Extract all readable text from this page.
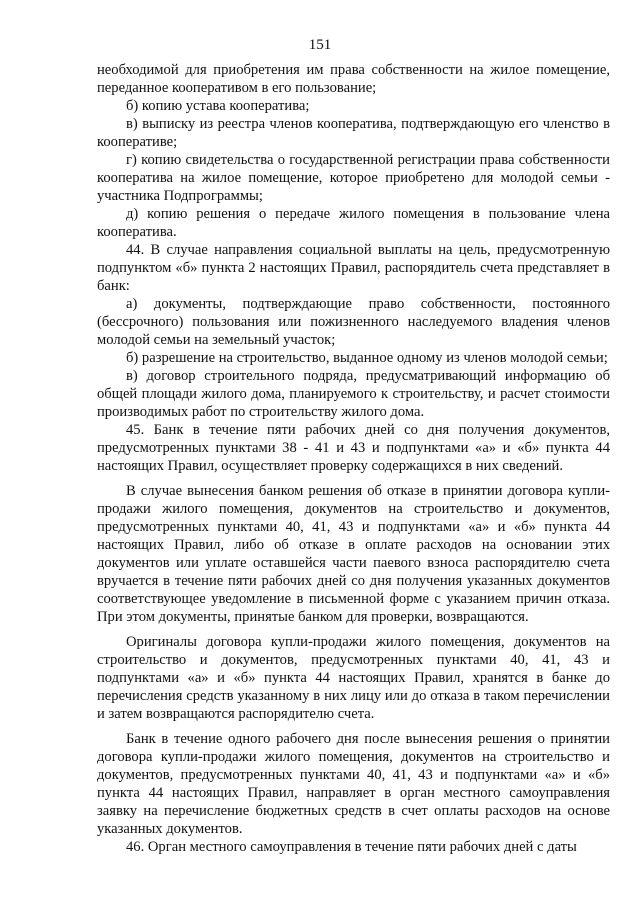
151

необходимой для приобретения им права собственности на жилое помещение, переданное кооперативом в его пользование;

б) копию устава кооператива;

в) выписку из реестра членов кооператива, подтверждающую его членство в кооперативе;

г) копию свидетельства о государственной регистрации права собственности кооператива на жилое помещение, которое приобретено для молодой семьи - участника Подпрограммы;

д) копию решения о передаче жилого помещения в пользование члена кооператива.

44. В случае направления социальной выплаты на цель, предусмотренную подпунктом «б» пункта 2 настоящих Правил, распорядитель счета представляет в банк:

а) документы, подтверждающие право собственности, постоянного (бессрочного) пользования или пожизненного наследуемого владения членов молодой семьи на земельный участок;

б) разрешение на строительство, выданное одному из членов молодой семьи;

в) договор строительного подряда, предусматривающий информацию об общей площади жилого дома, планируемого к строительству, и расчет стоимости производимых работ по строительству жилого дома.

45. Банк в течение пяти рабочих дней со дня получения документов, предусмотренных пунктами 38 - 41 и 43 и подпунктами «а» и «б» пункта 44 настоящих Правил, осуществляет проверку содержащихся в них сведений.

В случае вынесения банком решения об отказе в принятии договора купли-продажи жилого помещения, документов на строительство и документов, предусмотренных пунктами 40, 41, 43 и подпунктами «а» и «б» пункта 44 настоящих Правил, либо об отказе в оплате расходов на основании этих документов или уплате оставшейся части паевого взноса распорядителю счета вручается в течение пяти рабочих дней со дня получения указанных документов соответствующее уведомление в письменной форме с указанием причин отказа. При этом документы, принятые банком для проверки, возвращаются.

Оригиналы договора купли-продажи жилого помещения, документов на строительство и документов, предусмотренных пунктами 40, 41, 43 и подпунктами «а» и «б» пункта 44 настоящих Правил, хранятся в банке до перечисления средств указанному в них лицу или до отказа в таком перечислении и затем возвращаются распорядителю счета.

Банк в течение одного рабочего дня после вынесения решения о принятии договора купли-продажи жилого помещения, документов на строительство и документов, предусмотренных пунктами 40, 41, 43 и подпунктами «а» и «б» пункта 44 настоящих Правил, направляет в орган местного самоуправления заявку на перечисление бюджетных средств в счет оплаты расходов на основе указанных документов.

46. Орган местного самоуправления в течение пяти рабочих дней с даты
